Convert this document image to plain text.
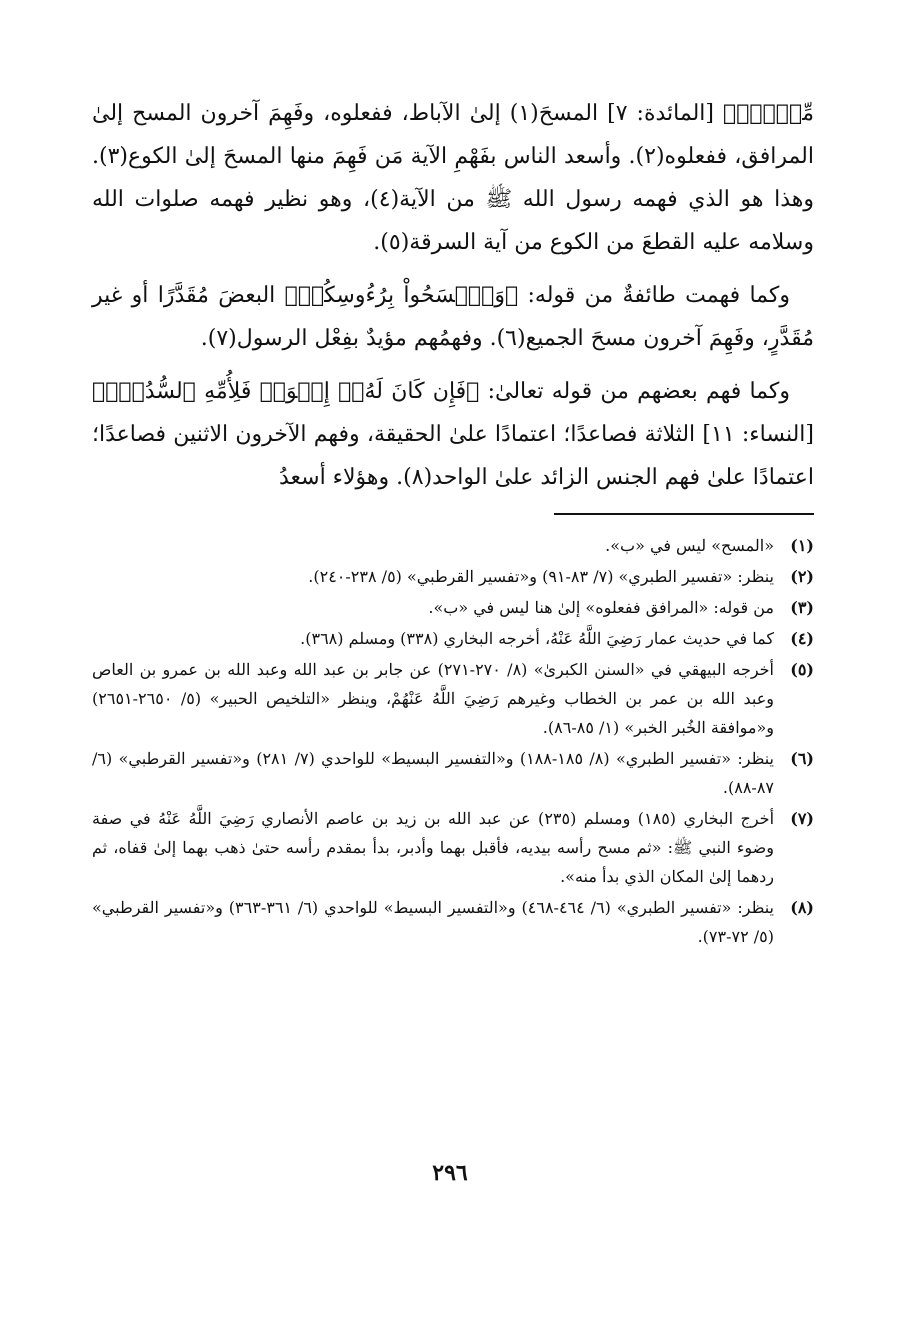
مِّنۡهُۚ﴾ [المائدة: ٧] المسحَ(١) إلىٰ الآباط، ففعلوه، وفَهِمَ آخرون المسح إلىٰ المرافق، ففعلوه(٢). وأسعد الناس بفَهْمِ الآية مَن فَهِمَ منها المسحَ إلىٰ الكوع(٣). وهذا هو الذي فهمه رسول الله ﷺ من الآية(٤)، وهو نظير فهمه صلوات الله وسلامه عليه القطعَ من الكوع من آية السرقة(٥).

وكما فهمت طائفةٌ من قوله: ﴿وَٱمۡسَحُواْ بِرُءُوسِكُمۡ﴾ البعضَ مُقَدَّرًا أو غير مُقَدَّرٍ، وفَهِمَ آخرون مسحَ الجميع(٦). وفهمُهم مؤيدٌ بفِعْل الرسول(٧).

وكما فهم بعضهم من قوله تعالىٰ: ﴿فَإِن كَانَ لَهُۥٓ إِخۡوَةٞ فَلِأُمِّهِ ٱلسُّدُسُۚ﴾ [النساء: ١١] الثلاثة فصاعدًا؛ اعتمادًا علىٰ الحقيقة، وفهم الآخرون الاثنين فصاعدًا؛ اعتمادًا علىٰ فهم الجنس الزائد علىٰ الواحد(٨). وهؤلاء أسعدُ

(١)
«المسح» ليس في «ب».
(٢)
ينظر: «تفسير الطبري» (٧/ ٨٣-٩١) و«تفسير القرطبي» (٥/ ٢٣٨-٢٤٠).
(٣)
من قوله: «المرافق ففعلوه» إلىٰ هنا ليس في «ب».
(٤)
كما في حديث عمار رَضِيَ اللَّهُ عَنْهُ، أخرجه البخاري (٣٣٨) ومسلم (٣٦٨).
(٥)
أخرجه البيهقي في «السنن الكبرىٰ» (٨/ ٢٧٠-٢٧١) عن جابر بن عبد الله وعبد الله بن عمرو بن العاص وعبد الله بن عمر بن الخطاب وغيرهم رَضِيَ اللَّهُ عَنْهُمْ، وينظر «التلخيص الحبير» (٥/ ٢٦٥٠-٢٦٥١) و«موافقة الخُبر الخبر» (١/ ٨٥-٨٦).
(٦)
ينظر: «تفسير الطبري» (٨/ ١٨٥-١٨٨) و«التفسير البسيط» للواحدي (٧/ ٢٨١) و«تفسير القرطبي» (٦/ ٨٧-٨٨).
(٧)
أخرج البخاري (١٨٥) ومسلم (٢٣٥) عن عبد الله بن زيد بن عاصم الأنصاري رَضِيَ اللَّهُ عَنْهُ في صفة وضوء النبي ﷺ: «ثم مسح رأسه بيديه، فأقبل بهما وأدبر، بدأ بمقدم رأسه حتىٰ ذهب بهما إلىٰ قفاه، ثم ردهما إلىٰ المكان الذي بدأ منه».
(٨)
ينظر: «تفسير الطبري» (٦/ ٤٦٤-٤٦٨) و«التفسير البسيط» للواحدي (٦/ ٣٦١-٣٦٣) و«تفسير القرطبي» (٥/ ٧٢-٧٣).
٢٩٦
